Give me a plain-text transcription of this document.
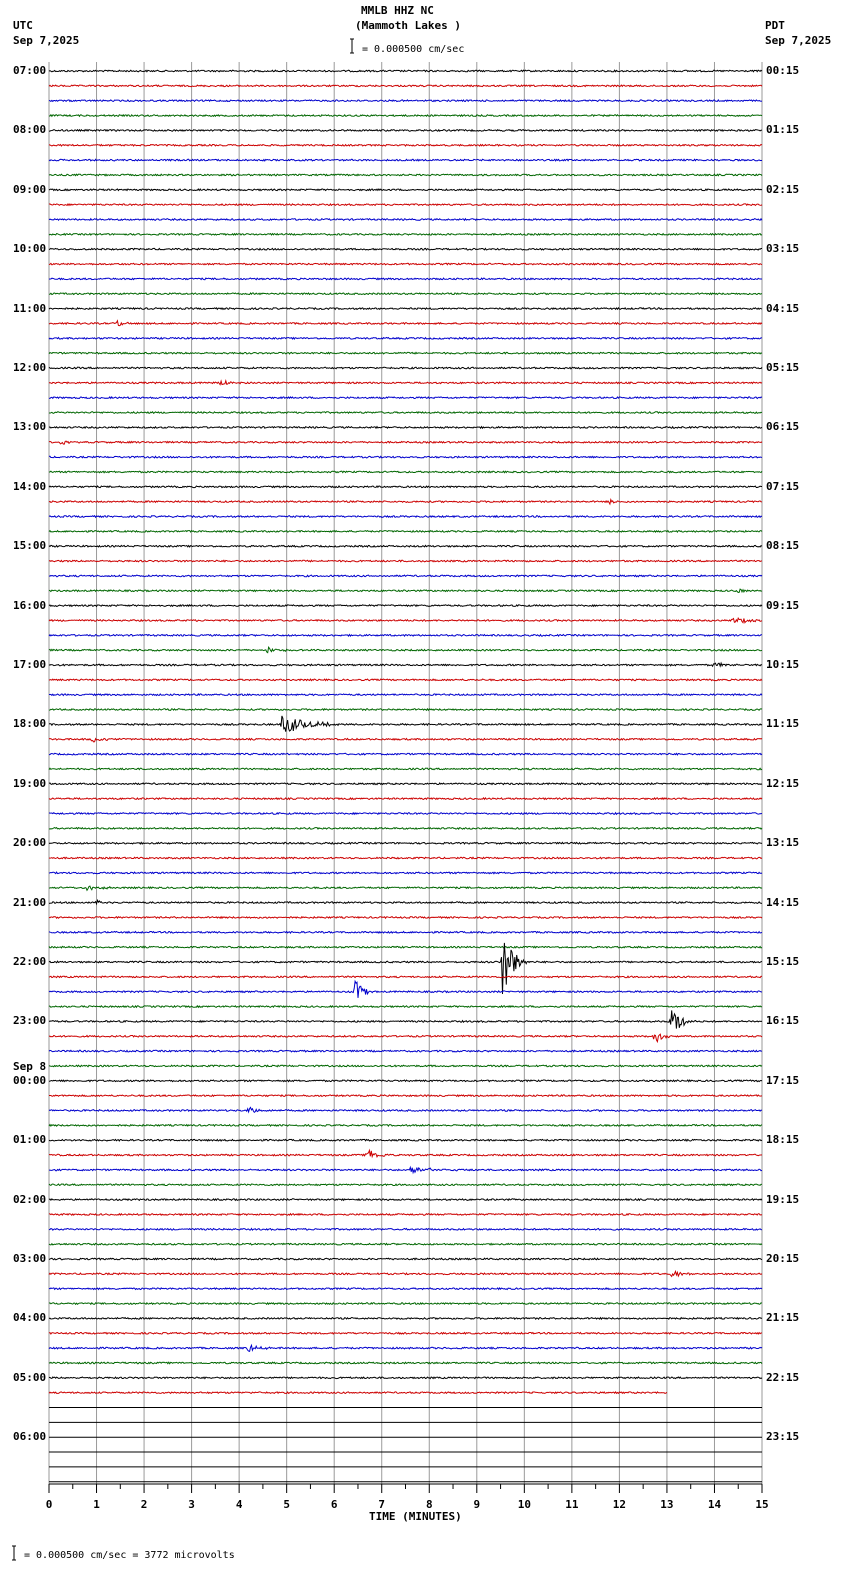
0	1	2	3	4	5	6	7	8	9	10	11	12	13	14	15
MMLB HHZ NC
(Mammoth Lakes )
= 0.000500 cm/sec
UTC
Sep 7,2025
PDT
Sep 7,2025
07:00
08:00
09:00
10:00
11:00
12:00
13:00
14:00
15:00
16:00
17:00
18:00
19:00
20:00
21:00
22:00
23:00
00:00
Sep 8
01:00
02:00
03:00
04:00
05:00
06:00
00:15
01:15
02:15
03:15
04:15
05:15
06:15
07:15
08:15
09:15
10:15
11:15
12:15
13:15
14:15
15:15
16:15
17:15
18:15
19:15
20:15
21:15
22:15
23:15
TIME (MINUTES)
= 0.000500 cm/sec = 3772 microvolts
